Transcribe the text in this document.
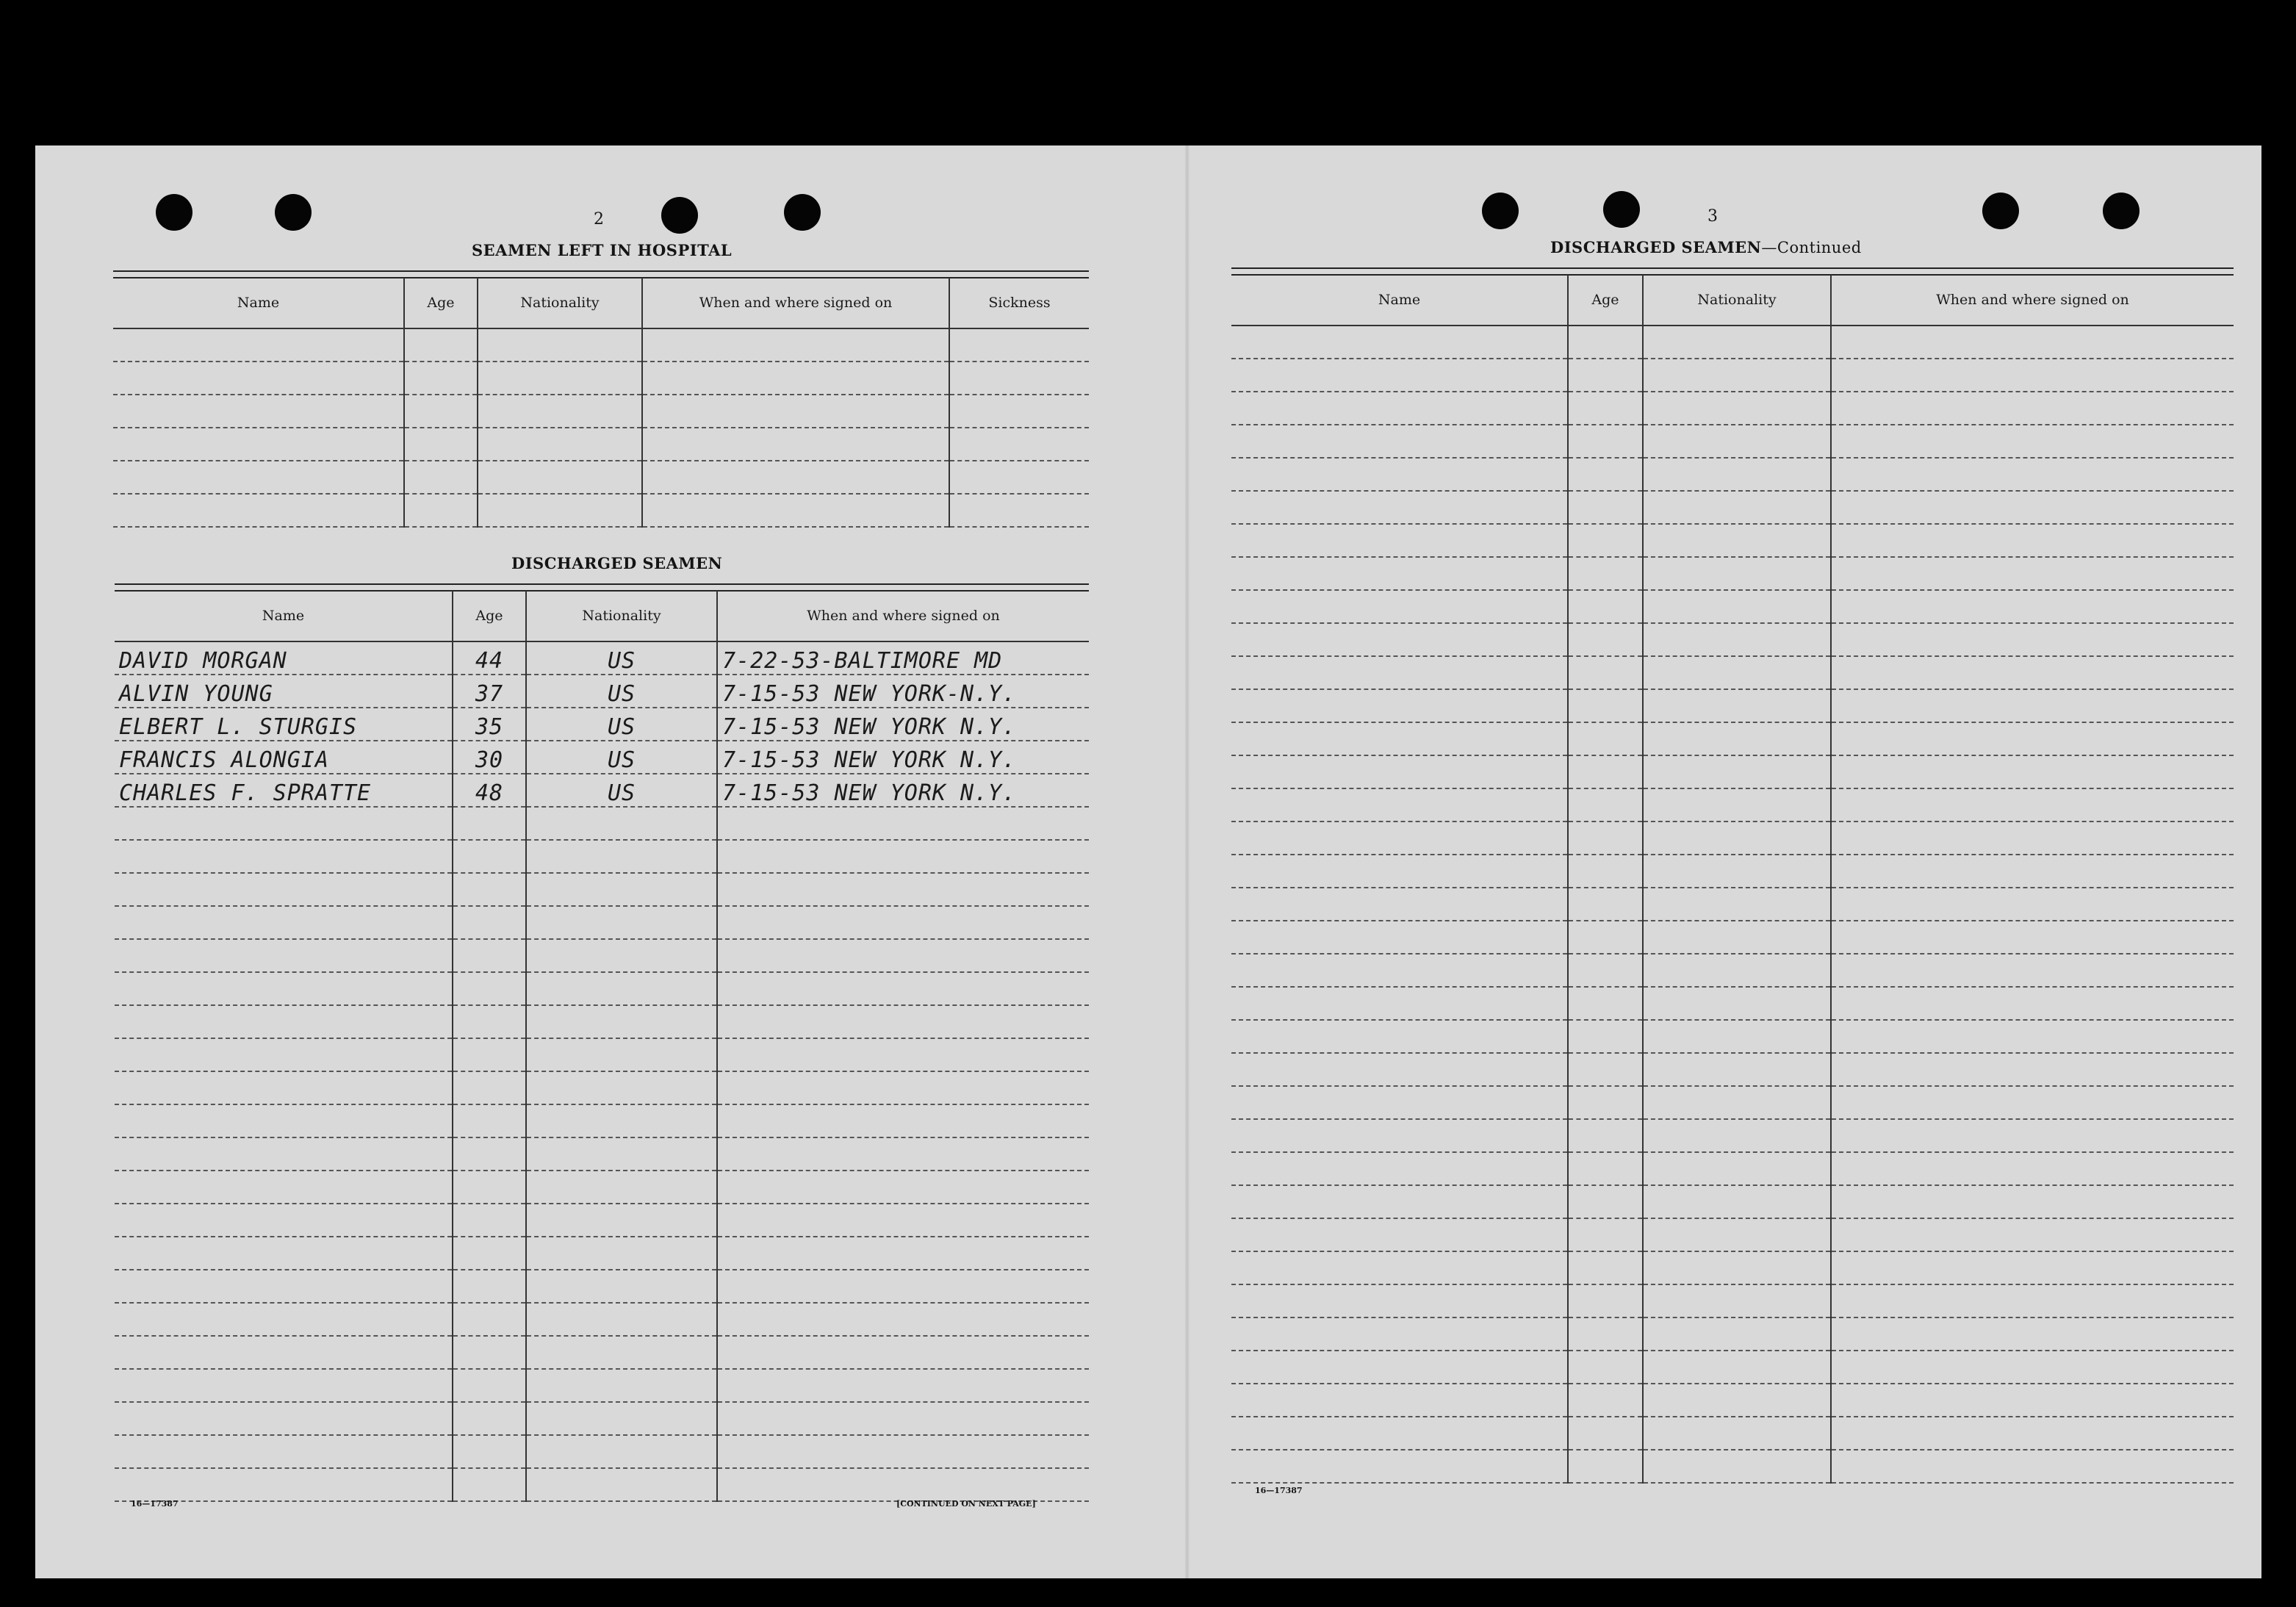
2
SEAMEN LEFT IN HOSPITAL
Name	Age	Nationality	When and where signed on	Sickness

DISCHARGED SEAMEN
Name	Age	Nationality	When and where signed on
DAVID MORGAN	44	US	7-22-53-BALTIMORE MD
ALVIN YOUNG	37	US	7-15-53 NEW YORK-N.Y.
ELBERT L. STURGIS	35	US	7-15-53 NEW YORK N.Y.
FRANCIS ALONGIA	30	US	7-15-53 NEW YORK N.Y.
CHARLES F. SPRATTE	48	US	7-15-53 NEW YORK N.Y.

16—17387	[CONTINUED ON NEXT PAGE]
3
DISCHARGED SEAMEN—Continued
Name	Age	Nationality	When and where signed on

16—17387
